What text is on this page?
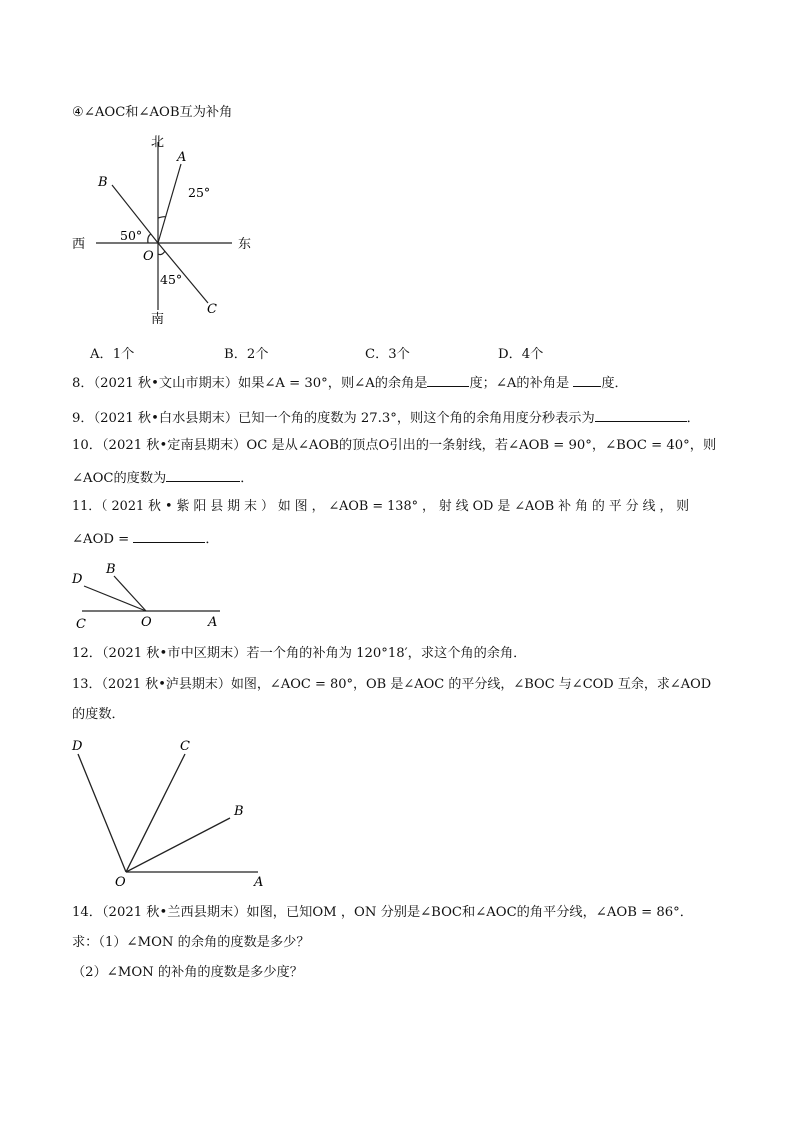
④∠AOC和∠AOB互为补角
北
南
西	东
A
B
C
O
25°
50°
45°
A．1个	B．2个	C．3个	D．4个
8．（2021 秋•文山市期末）如果∠A = 30°，则∠A的余角是	度；∠A的补角是 度．
9．（2021 秋•白水县期末）已知一个角的度数为 27.3°，则这个角的余角用度分秒表示为	．
10．（2021 秋•定南县期末）OC 是从∠AOB的顶点O引出的一条射线，若∠AOB = 90°，∠BOC = 40°，则
∠AOC的度数为	．
11．（ 2021 秋 • 紫 阳 县 期 末 ） 如 图 ， ∠AOB = 138° ， 射 线 OD 是 ∠AOB 补 角 的 平 分 线 ， 则
∠AOD =	．
D
B
O
C	A
12．（2021 秋•市中区期末）若一个角的补角为 120°18′，求这个角的余角．
13．（2021 秋•泸县期末）如图，∠AOC = 80°，OB 是∠AOC 的平分线，∠BOC 与∠COD 互余，求∠AOD
的度数．
D	C
B
O	A
14．（2021 秋•兰西县期末）如图，已知OM ，ON 分别是∠BOC和∠AOC的角平分线，∠AOB = 86°．
求：（1）∠MON 的余角的度数是多少？
（2）∠MON 的补角的度数是多少度？
